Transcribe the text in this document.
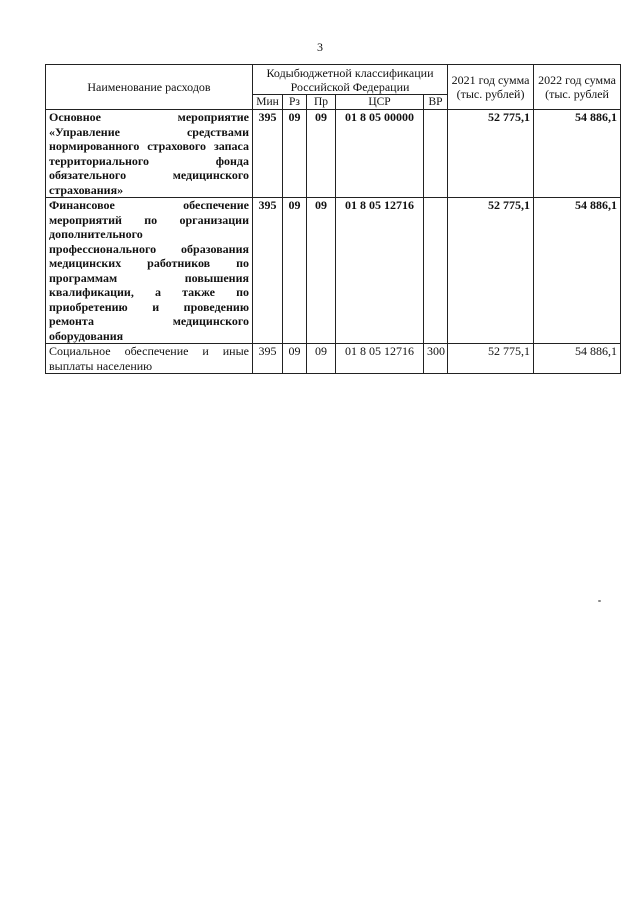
3
Наименование расходов	Кодыбюджетной классификации Российской Федерации					2021 год сумма (тыс. рублей)	2022 год сумма (тыс. рублей
	Мин	Рз	Пр	ЦСР	ВР		
Основное мероприятие «Управление средствами нормированного страхового запаса территориального фонда обязательного медицинского страхования»	395	09	09	01 8 05 00000		52 775,1	54 886,1
Финансовое обеспечение мероприятий по организации дополнительного профессионального образования медицинских работников по программам повышения квалификации, а также по приобретению и проведению ремонта медицинского оборудования	395	09	09	01 8 05 12716		52 775,1	54 886,1
Социальное обеспечение и иные выплаты населению	395	09	09	01 8 05 12716	300	52 775,1	54 886,1
